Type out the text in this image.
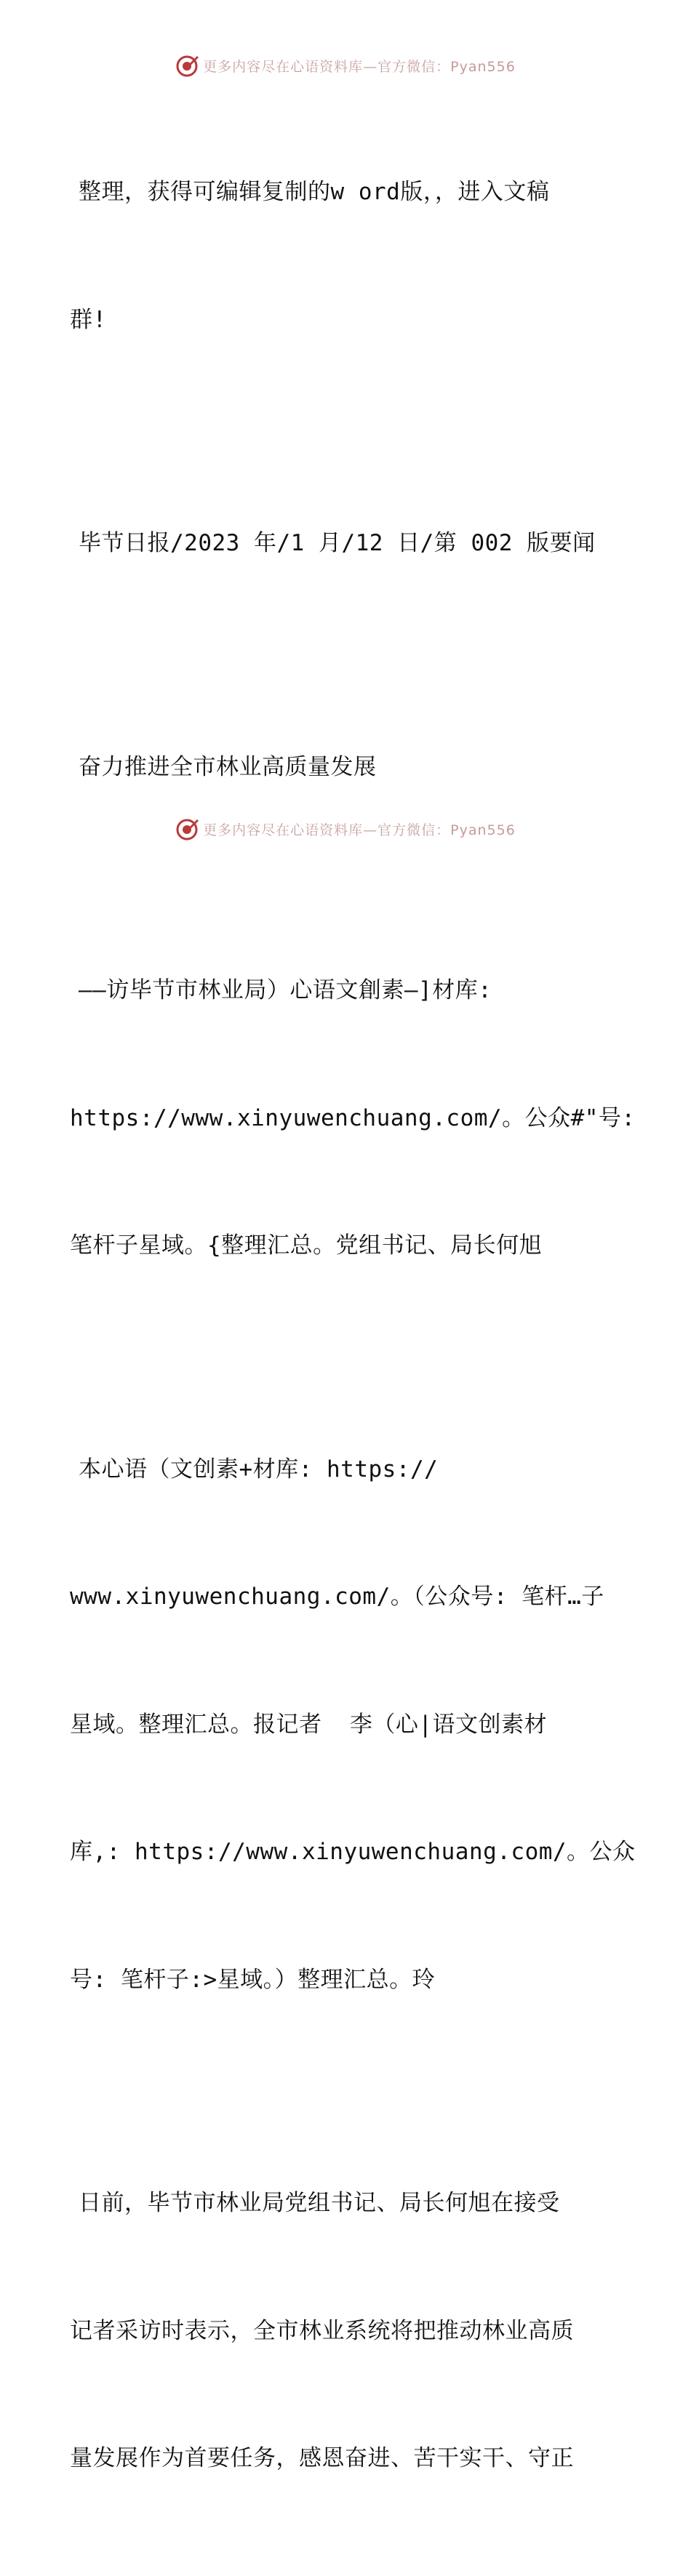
更多内容尽在心语资料库—官方微信：Pyan556

整理，获得可编辑复制的w ord版，，进入文稿

群!

毕节日报/2023 年/1 月/12 日/第 002 版要闻

奋力推进全市林业高质量发展

——访毕节市林业局）心语文創素—]材库:

https://www.xinyuwenchuang.com/。公众#"号:

笔杆子星域。{整理汇总。党组书记、局长何旭

本心语（文创素+材库: https://

www.xinyuwenchuang.com/。（公众号: 笔杆…子

星域。整理汇总。报记者  李（心|语文创素材

库,: https://www.xinyuwenchuang.com/。公众

号: 笔杆子:>星域。）整理汇总。玲

日前，毕节市林业局党组书记、局长何旭在接受

记者采访时表示，全市林业系统将把推动林业高质

量发展作为首要任务，感恩奋进、苦干实干、守正

更多内容尽在心语资料库—官方微信：Pyan556
